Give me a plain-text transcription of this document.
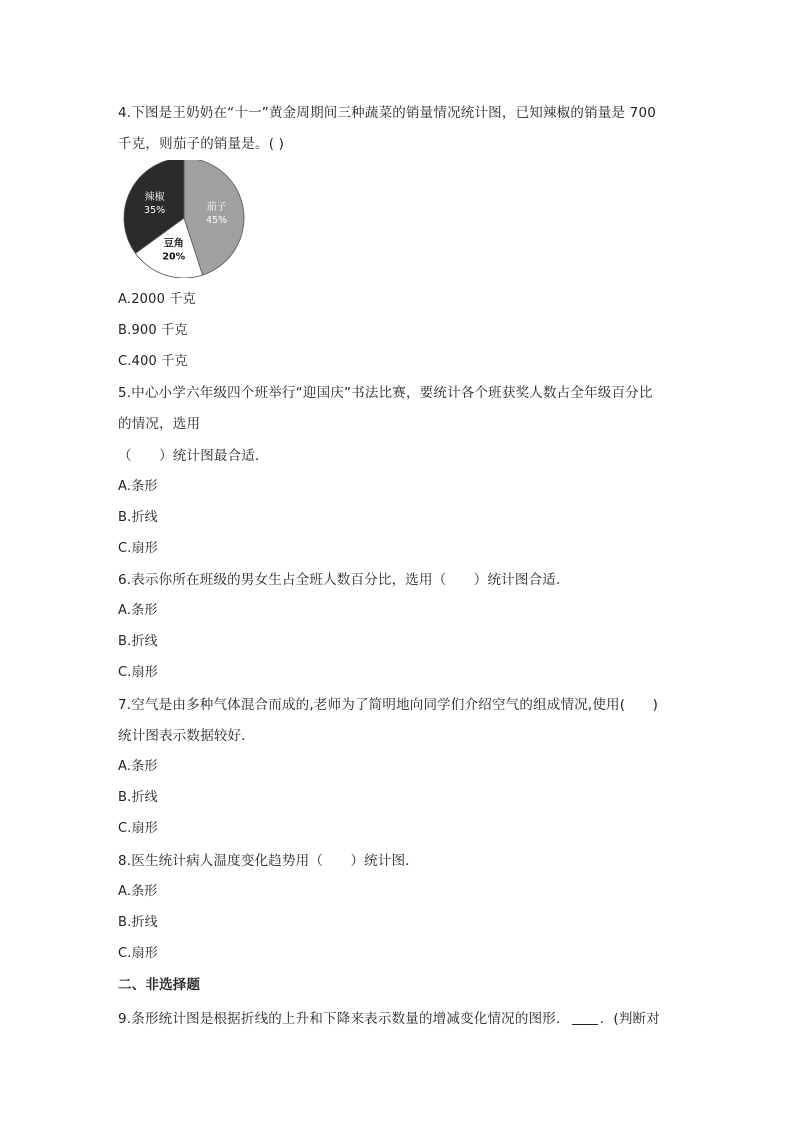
4.下图是王奶奶在“十一”黄金周期间三种蔬菜的销量情况统计图，已知辣椒的销量是 700
千克，则茄子的销量是。( )
茄子
45%
豆角
20%
辣椒
35%
A.2000 千克
B.900 千克
C.400 千克
5.中心小学六年级四个班举行“迎国庆”书法比赛，要统计各个班获奖人数占全年级百分比
的情况，选用
（　　）统计图最合适．
A.条形
B.折线
C.扇形
6.表示你所在班级的男女生占全班人数百分比，选用（　　）统计图合适．
A.条形
B.折线
C.扇形
7.空气是由多种气体混合而成的,老师为了简明地向同学们介绍空气的组成情况,使用(　　)
统计图表示数据较好．
A.条形
B.折线
C.扇形
8.医生统计病人温度变化趋势用（　　）统计图．
A.条形
B.折线
C.扇形
二、非选择题
9.条形统计图是根据折线的上升和下降来表示数量的增减变化情况的图形． ．(判断对
